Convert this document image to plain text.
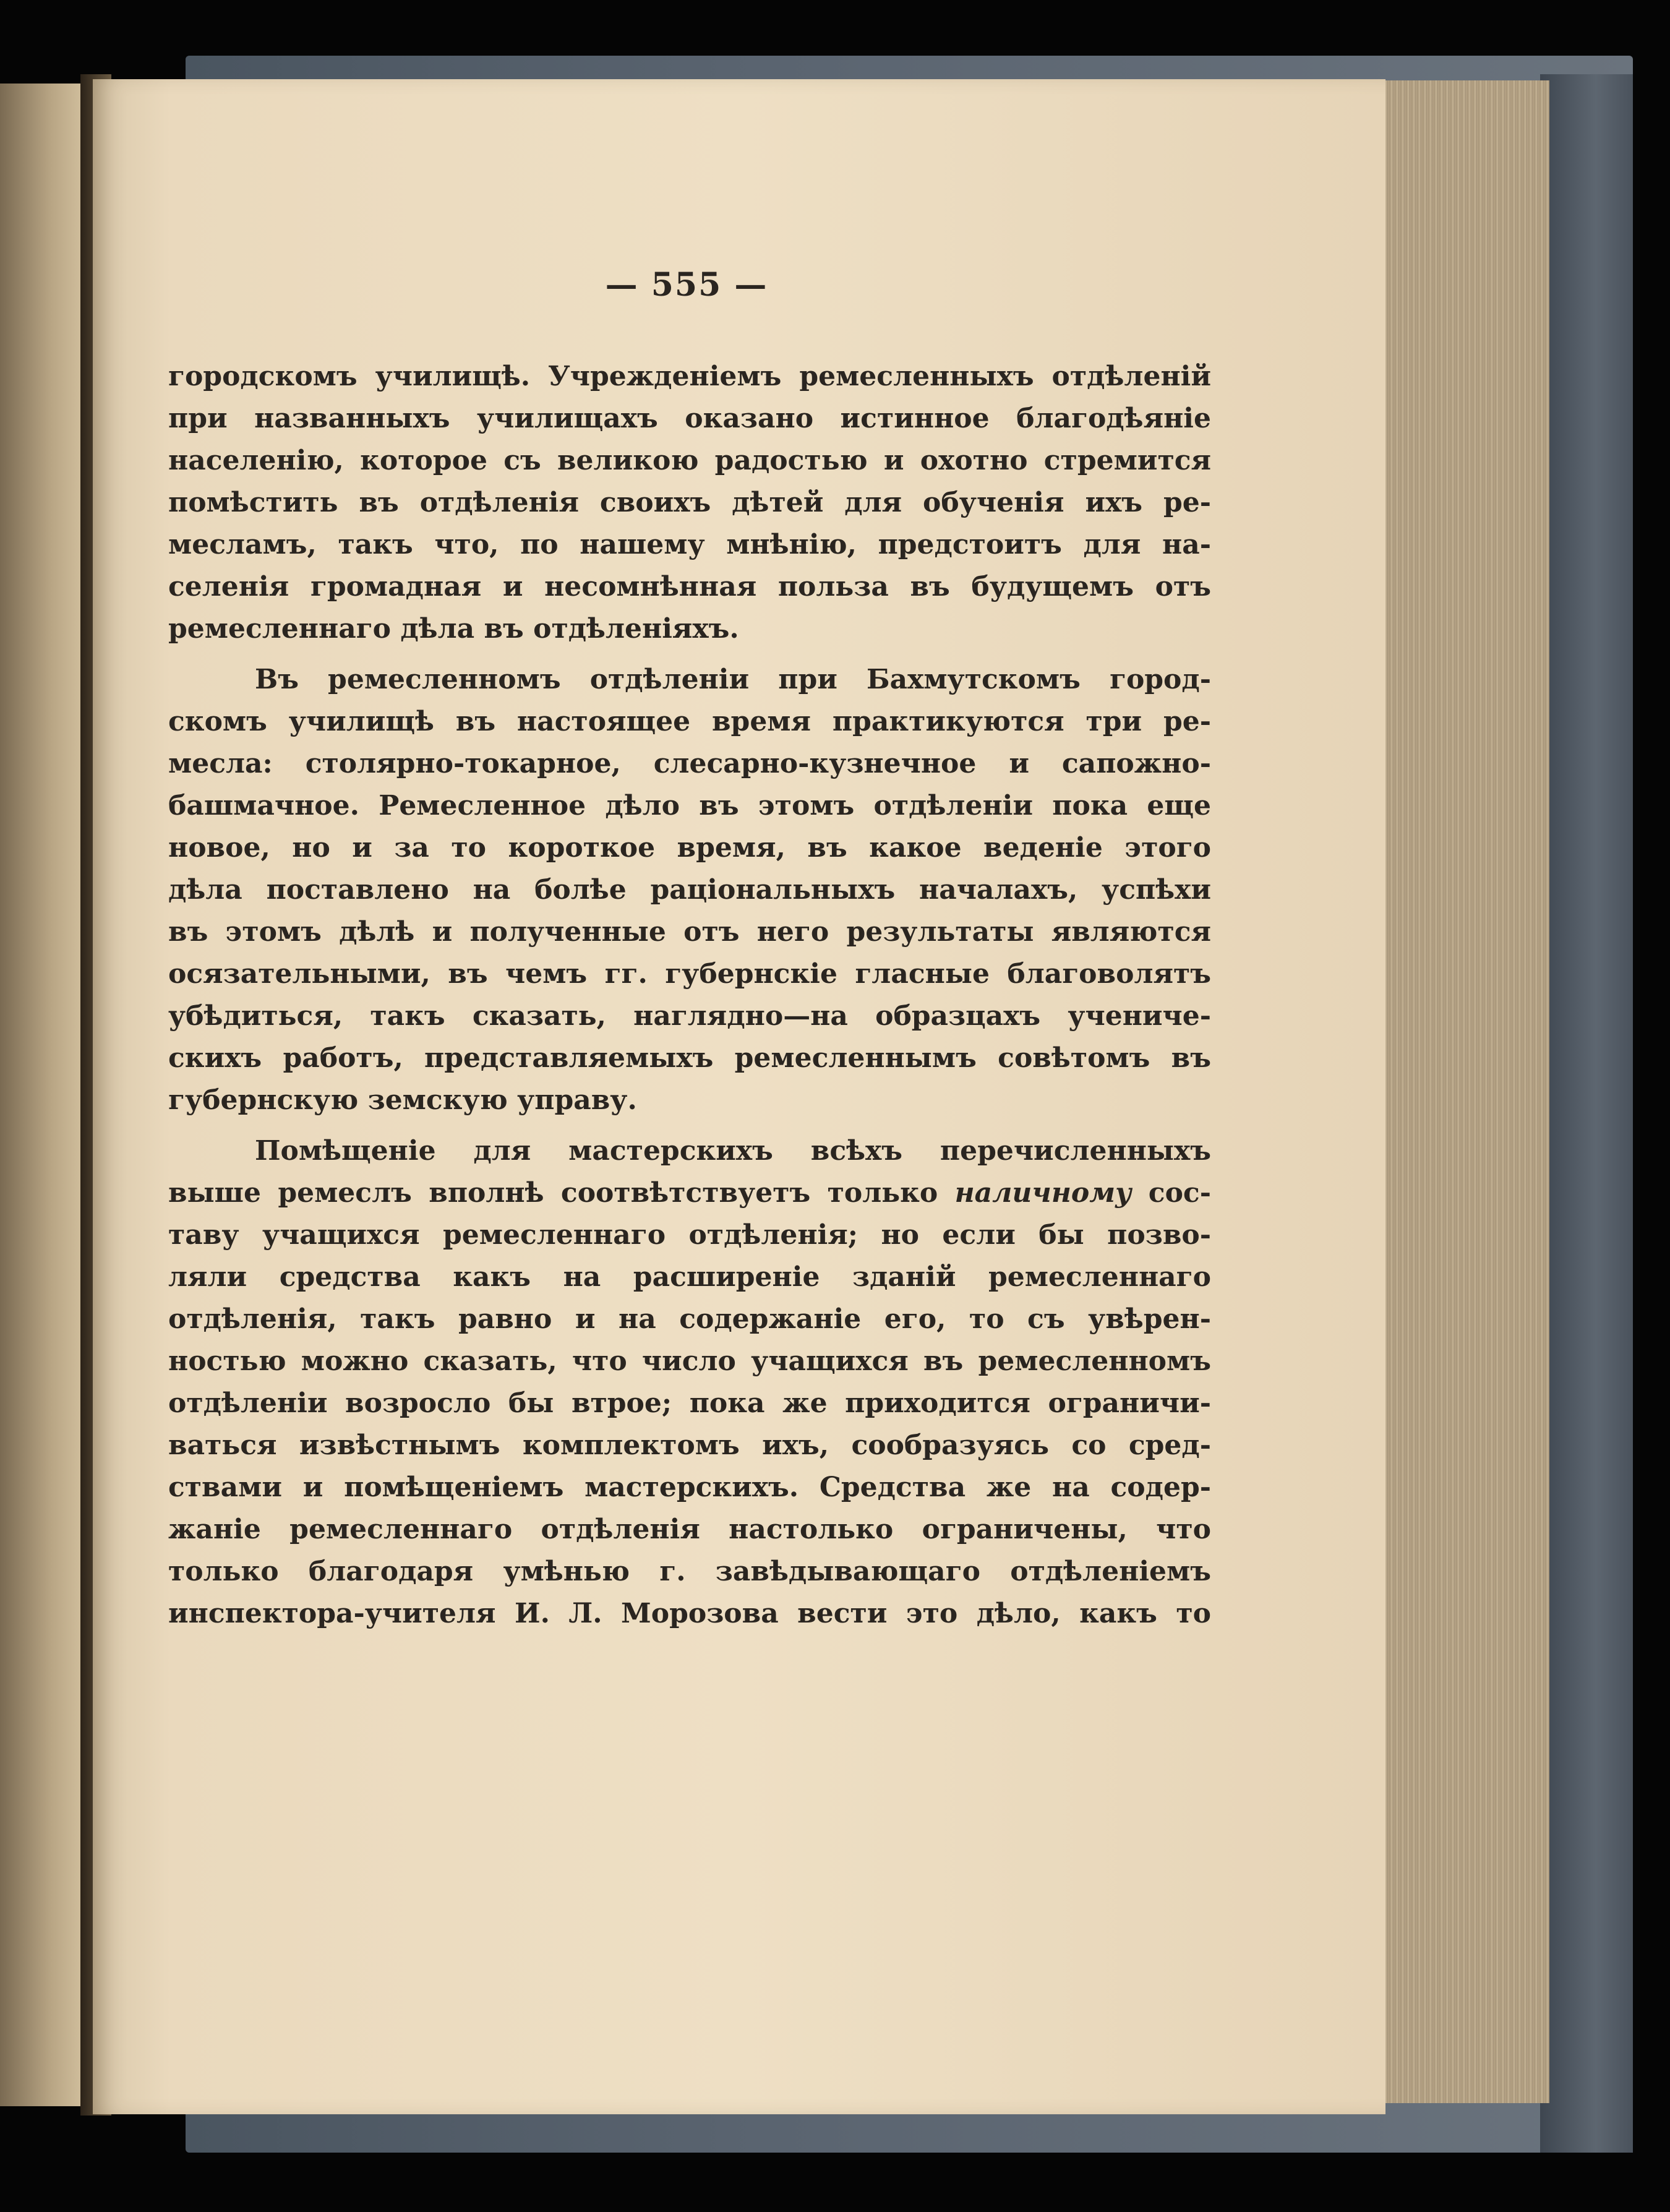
— 555 —
городскомъ училищѣ. Учрежденіемъ ремесленныхъ отдѣленій
при названныхъ училищахъ оказано истинное благодѣяніе
населенію, которое съ великою радостью и охотно стремится
помѣстить въ отдѣленія своихъ дѣтей для обученія ихъ ре-
месламъ, такъ что, по нашему мнѣнію, предстоитъ для на-
селенія громадная и несомнѣнная польза въ будущемъ отъ
ремесленнаго дѣла въ отдѣленіяхъ.
Въ ремесленномъ отдѣленіи при Бахмутскомъ город-
скомъ училищѣ въ настоящее время практикуются три ре-
месла: столярно-токарное, слесарно-кузнечное и сапожно-
башмачное. Ремесленное дѣло въ этомъ отдѣленіи пока еще
новое, но и за то короткое время, въ какое веденіе этого
дѣла поставлено на болѣе раціональныхъ началахъ, успѣхи
въ этомъ дѣлѣ и полученные отъ него результаты являются
осязательными, въ чемъ гг. губернскіе гласные благоволятъ
убѣдиться, такъ сказать, наглядно—на образцахъ учениче-
скихъ работъ, представляемыхъ ремесленнымъ совѣтомъ въ
губернскую земскую управу.
Помѣщеніе для мастерскихъ всѣхъ перечисленныхъ
выше ремеслъ вполнѣ соотвѣтствуетъ только наличному сос-
таву учащихся ремесленнаго отдѣленія; но если бы позво-
ляли средства какъ на расширеніе зданій ремесленнаго
отдѣленія, такъ равно и на содержаніе его, то съ увѣрен-
ностью можно сказать, что число учащихся въ ремесленномъ
отдѣленіи возросло бы втрое; пока же приходится ограничи-
ваться извѣстнымъ комплектомъ ихъ, сообразуясь со сред-
ствами и помѣщеніемъ мастерскихъ. Средства же на содер-
жаніе ремесленнаго отдѣленія настолько ограничены, что
только благодаря умѣнью г. завѣдывающаго отдѣленіемъ
инспектора-учителя И. Л. Морозова вести это дѣло, какъ то
